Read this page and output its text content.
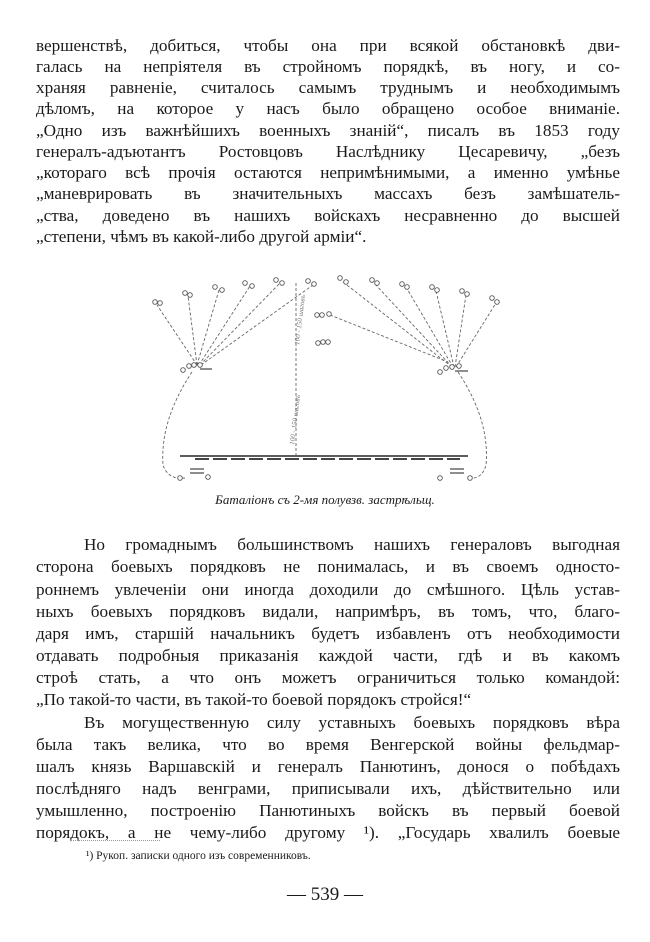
вершенствѣ, добиться, чтобы она при всякой обстановкѣ дви-
галась на непріятеля въ стройномъ порядкѣ, въ ногу, и со-
храняя равненіе, считалось самымъ труднымъ и необходимымъ
дѣломъ, на которое у насъ было обращено особое вниманіе.
„Одно изъ важнѣйшихъ военныхъ знаній“, писалъ въ 1853 году
генералъ-адъютантъ Ростовцовъ Наслѣднику Цесаревичу, „безъ
„котораго всѣ прочія остаются непримѣнимыми, а именно умѣнье
„маневрировать въ значительныхъ массахъ безъ замѣшатель-
„ства, доведено въ нашихъ войскахъ несравненно до высшей
„степени, чѣмъ въ какой-либо другой арміи“.
100 - 150 шаговъ
100 - 150 шаговъ
Баталіонъ съ 2-мя полувзв. застрѣльщ.
Но громаднымъ большинствомъ нашихъ генераловъ выгодная
сторона боевыхъ порядковъ не понималась, и въ своемъ односто-
роннемъ увлеченіи они иногда доходили до смѣшного. Цѣль устав-
ныхъ боевыхъ порядковъ видали, напримѣръ, въ томъ, что, благо-
даря имъ, старшій начальникъ будетъ избавленъ отъ необходимости
отдавать подробныя приказанія каждой части, гдѣ и въ какомъ
строѣ стать, а что онъ можетъ ограничиться только командой:
„По такой-то части, въ такой-то боевой порядокъ стройся!“
Въ могущественную силу уставныхъ боевыхъ порядковъ вѣра
была такъ велика, что во время Венгерской войны фельдмар-
шалъ князь Варшавскій и генералъ Панютинъ, донося о побѣдахъ
послѣдняго надъ венграми, приписывали ихъ, дѣйствительно или
умышленно, построенію Панютиныхъ войскъ въ первый боевой
порядокъ, а не чему-либо другому ¹). „Государь хвалилъ боевые
¹) Рукоп. записки одного изъ современниковъ.
— 539 —
